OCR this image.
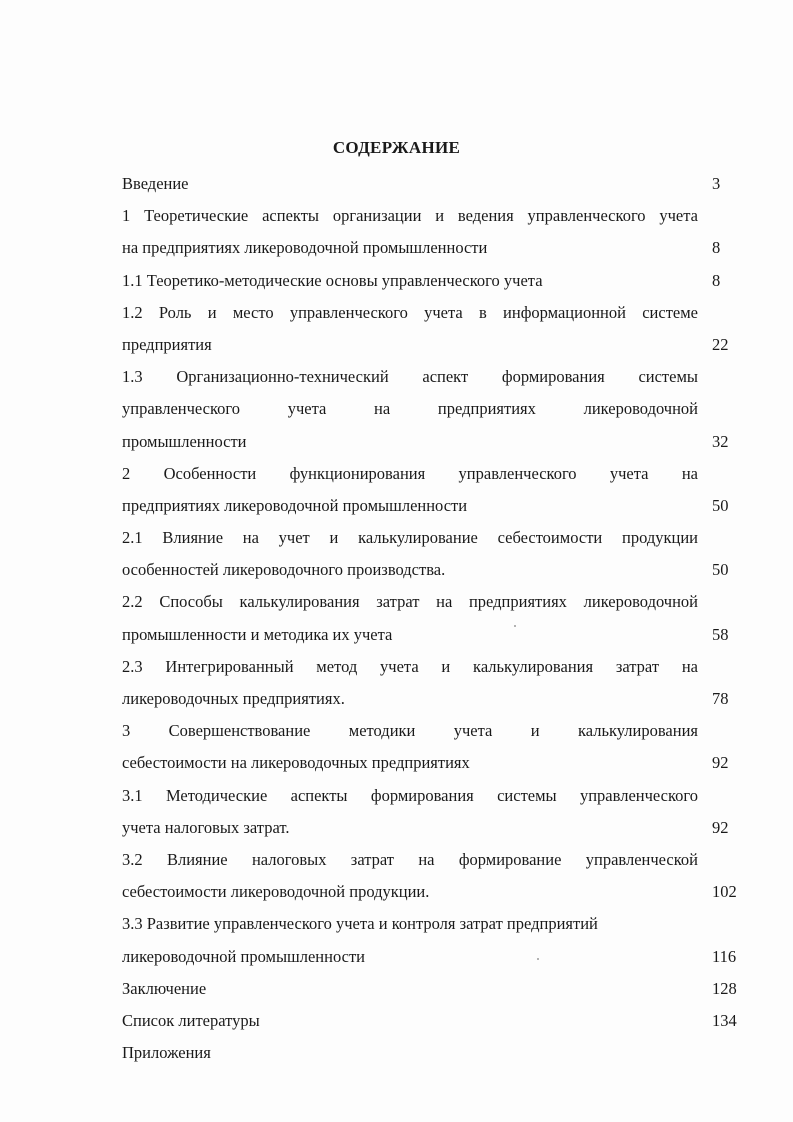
СОДЕРЖАНИЕ
Введение	3
1 Теоретические аспекты организации и ведения управленческого учета
на предприятиях ликероводочной промышленности	8
1.1 Теоретико-методические основы управленческого учета	8
1.2 Роль и место управленческого учета в информационной системе
предприятия	22
1.3 Организационно-технический аспект формирования системы
управленческого учета на предприятиях ликероводочной
промышленности	32
2 Особенности функционирования управленческого учета на
предприятиях ликероводочной промышленности	50
2.1 Влияние на учет и калькулирование себестоимости продукции
особенностей ликероводочного производства.	50
2.2 Способы калькулирования затрат на предприятиях ликероводочной
промышленности и методика их учета	58
2.3 Интегрированный метод учета и калькулирования затрат на
ликероводочных предприятиях.	78
3 Совершенствование методики учета и калькулирования
себестоимости на ликероводочных предприятиях	92
3.1 Методические аспекты формирования системы управленческого
учета налоговых затрат.	92
3.2 Влияние налоговых затрат на формирование управленческой
себестоимости ликероводочной продукции.	102
3.3 Развитие управленческого учета и контроля затрат предприятий
ликероводочной промышленности	116
Заключение	128
Список литературы	134
Приложения
